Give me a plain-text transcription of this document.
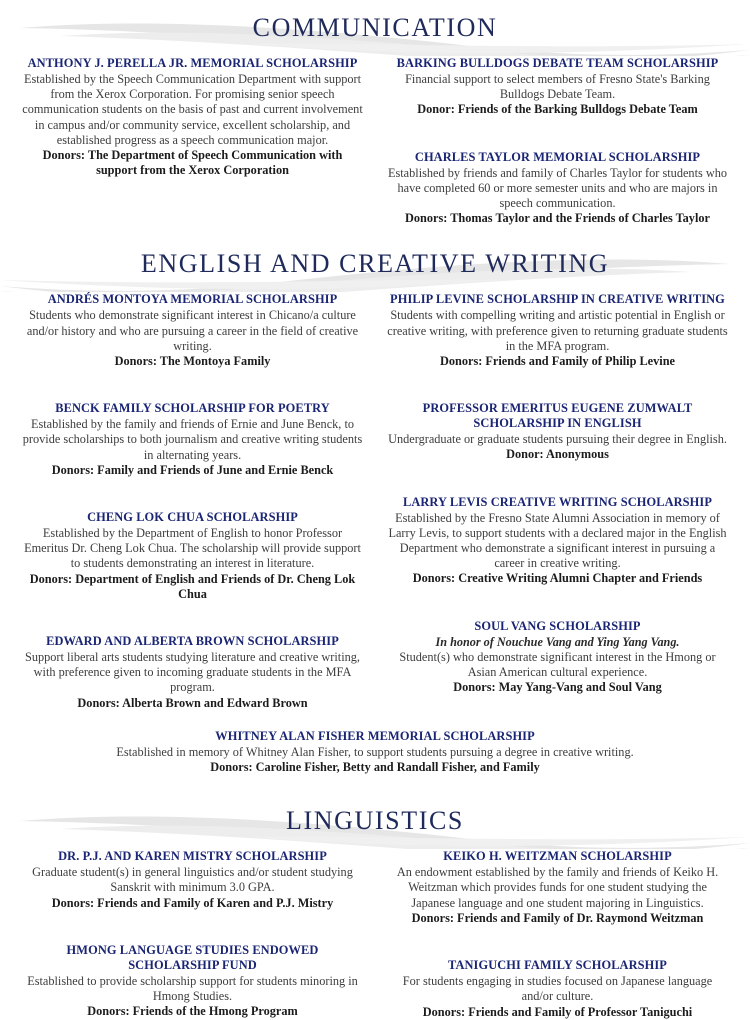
COMMUNICATION
ANTHONY J. PERELLA JR. MEMORIAL SCHOLARSHIP
Established by the Speech Communication Department with support from the Xerox Corporation. For promising senior speech communication students on the basis of past and current involvement in campus and/or community service, excellent scholarship, and established progress as a speech communication major.
Donors: The Department of Speech Communication with support from the Xerox Corporation
BARKING BULLDOGS DEBATE TEAM SCHOLARSHIP
Financial support to select members of Fresno State's Barking Bulldogs Debate Team.
Donor: Friends of the Barking Bulldogs Debate Team
CHARLES TAYLOR MEMORIAL SCHOLARSHIP
Established by friends and family of Charles Taylor for students who have completed 60 or more semester units and who are majors in speech communication.
Donors: Thomas Taylor and the Friends of Charles Taylor
ENGLISH AND CREATIVE WRITING
ANDRÉS MONTOYA MEMORIAL SCHOLARSHIP
Students who demonstrate significant interest in Chicano/a culture and/or history and who are pursuing a career in the field of creative writing.
Donors: The Montoya Family
BENCK FAMILY SCHOLARSHIP FOR POETRY
Established by the family and friends of Ernie and June Benck, to provide scholarships to both journalism and creative writing students in alternating years.
Donors: Family and Friends of June and Ernie Benck
CHENG LOK CHUA SCHOLARSHIP
Established by the Department of English to honor Professor Emeritus Dr. Cheng Lok Chua. The scholarship will provide support to students demonstrating an interest in literature.
Donors: Department of English and Friends of Dr. Cheng Lok Chua
EDWARD AND ALBERTA BROWN SCHOLARSHIP
Support liberal arts students studying literature and creative writing, with preference given to incoming graduate students in the MFA program.
Donors: Alberta Brown and Edward Brown
PHILIP LEVINE SCHOLARSHIP IN CREATIVE WRITING
Students with compelling writing and artistic potential in English or creative writing, with preference given to returning graduate students in the MFA program.
Donors: Friends and Family of Philip Levine
PROFESSOR EMERITUS EUGENE ZUMWALT SCHOLARSHIP IN ENGLISH
Undergraduate or graduate students pursuing their degree in English.
Donor: Anonymous
LARRY LEVIS CREATIVE WRITING SCHOLARSHIP
Established by the Fresno State Alumni Association in memory of Larry Levis, to support students with a declared major in the English Department who demonstrate a significant interest in pursuing a career in creative writing.
Donors: Creative Writing Alumni Chapter and Friends
SOUL VANG SCHOLARSHIP
In honor of Nouchue Vang and Ying Yang Vang.
Student(s) who demonstrate significant interest in the Hmong or Asian American cultural experience.
Donors: May Yang-Vang and Soul Vang
WHITNEY ALAN FISHER MEMORIAL SCHOLARSHIP
Established in memory of Whitney Alan Fisher, to support students pursuing a degree in creative writing.
Donors: Caroline Fisher, Betty and Randall Fisher, and Family
LINGUISTICS
DR. P.J. AND KAREN MISTRY SCHOLARSHIP
Graduate student(s) in general linguistics and/or student studying Sanskrit with minimum 3.0 GPA.
Donors: Friends and Family of Karen and P.J. Mistry
HMONG LANGUAGE STUDIES ENDOWED SCHOLARSHIP FUND
Established to provide scholarship support for students minoring in Hmong Studies.
Donors: Friends of the Hmong Program
KEIKO H. WEITZMAN SCHOLARSHIP
An endowment established by the family and friends of Keiko H. Weitzman which provides funds for one student studying the Japanese language and one student majoring in Linguistics.
Donors: Friends and Family of Dr. Raymond Weitzman
TANIGUCHI FAMILY SCHOLARSHIP
For students engaging in studies focused on Japanese language and/or culture.
Donors: Friends and Family of Professor Taniguchi
